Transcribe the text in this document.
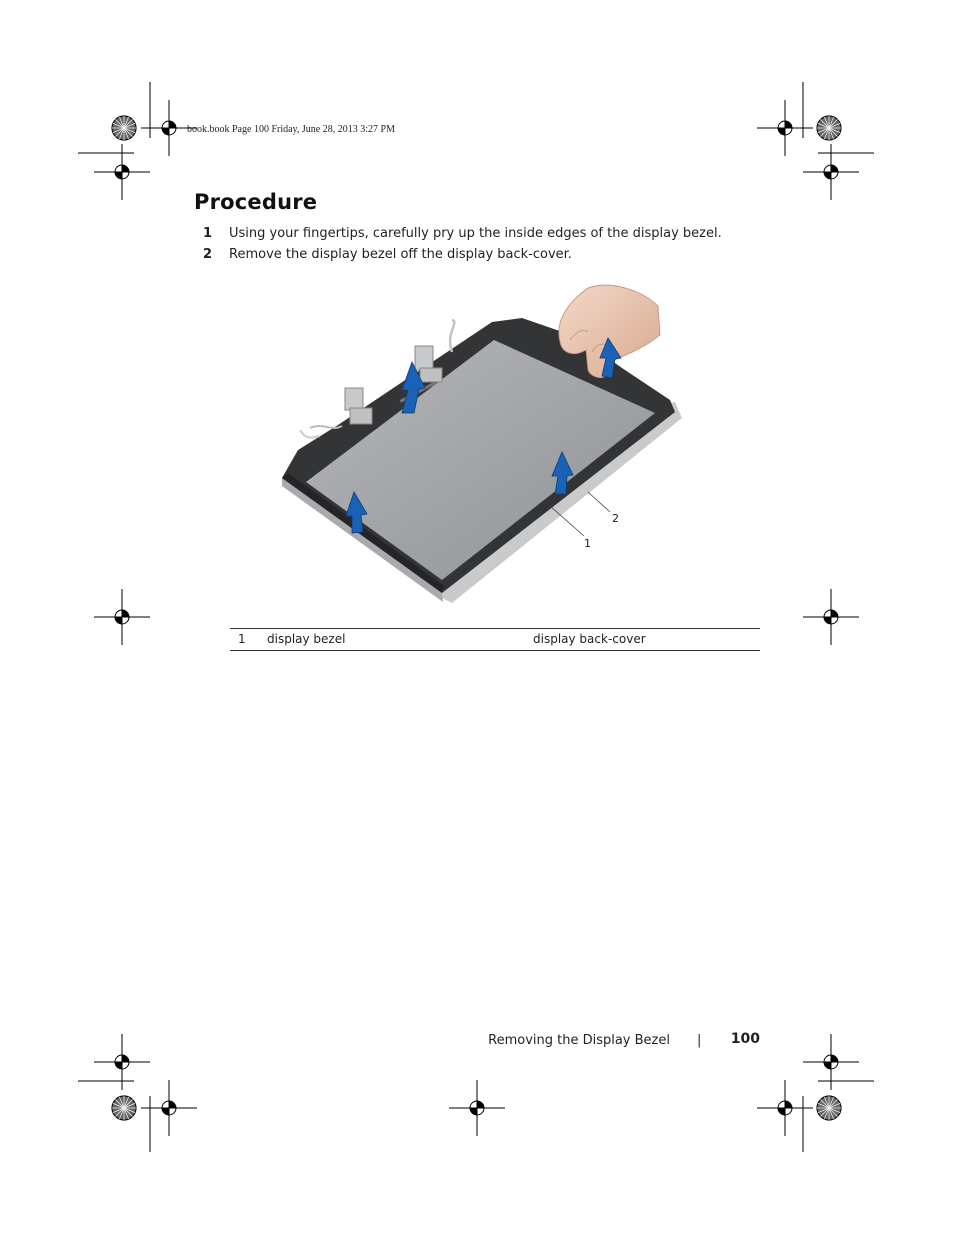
book.book Page 100 Friday, June 28, 2013 3:27 PM
Procedure
1 Using your fingertips, carefully pry up the inside edges of the display bezel.
2 Remove the display bezel off the display back-cover.
1
2
1 display bezel	display back-cover
Removing the Display Bezel | 100
